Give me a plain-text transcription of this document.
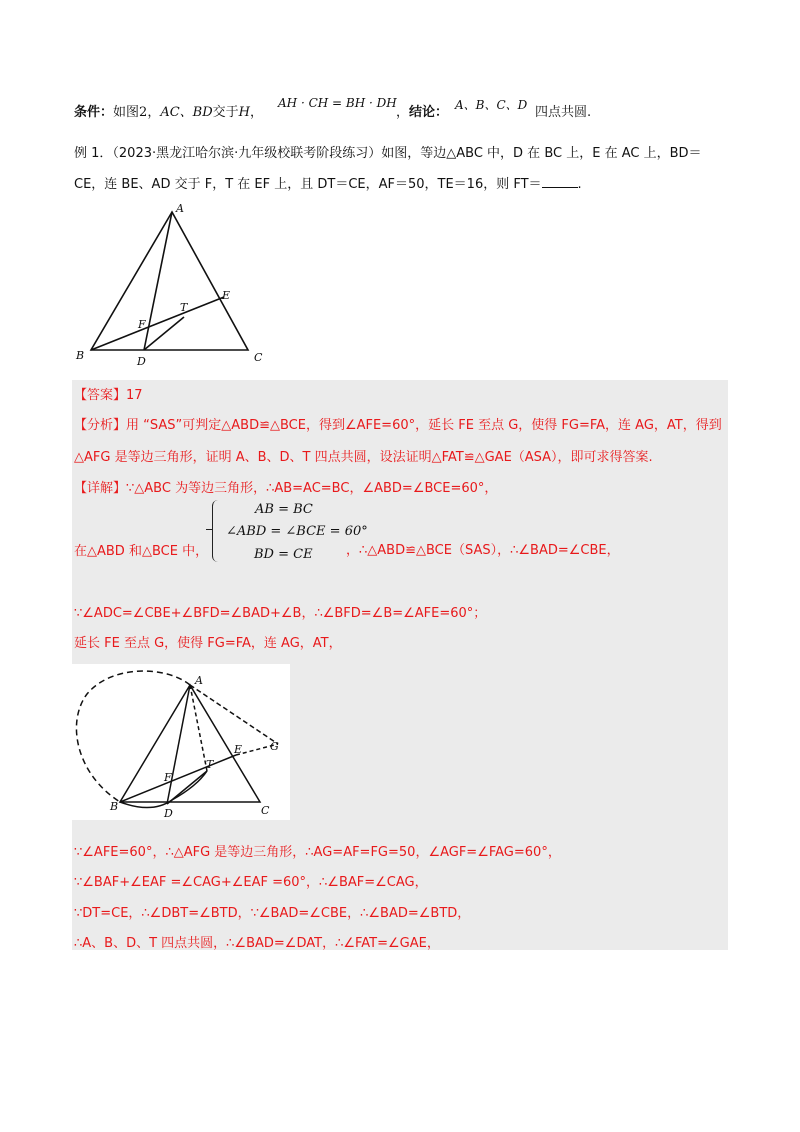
条件：如图2，AC、BD交于H，
AH · CH = BH · DH
，结论： A、B、C、D 四点共圆.
例 1．（2023·黑龙江哈尔滨·九年级校联考阶段练习）如图，等边△ABC 中，D 在 BC 上，E 在 AC 上，BD＝
CE，连 BE、AD 交于 F，T 在 EF 上，且 DT＝CE，AF＝50，TE＝16，则 FT＝	.
A
B	C
D
E
F
T
【答案】17
【分析】用 “SAS”可判定△ABD≌△BCE，得到∠AFE=60°，延长 FE 至点 G，使得 FG=FA，连 AG，AT，得到
△AFG 是等边三角形，证明 A、B、D、T 四点共圆，设法证明△FAT≌△GAE（ASA），即可求得答案.
【详解】∵△ABC 为等边三角形，∴AB=AC=BC，∠ABD=∠BCE=60°，
在△ABD 和△BCE 中，
AB = BC
∠ABD = ∠BCE = 60°
BD = CE	，∴△ABD≌△BCE（SAS），∴∠BAD=∠CBE，
∵∠ADC=∠CBE+∠BFD=∠BAD+∠B，∴∠BFD=∠B=∠AFE=60°；
延长 FE 至点 G，使得 FG=FA，连 AG，AT，
A
B	C
D
E
F
T
G
∵∠AFE=60°，∴△AFG 是等边三角形，∴AG=AF=FG=50，∠AGF=∠FAG=60°，
∵∠BAF+∠EAF =∠CAG+∠EAF =60°，∴∠BAF=∠CAG，
∵DT=CE，∴∠DBT=∠BTD，∵∠BAD=∠CBE，∴∠BAD=∠BTD，
∴A、B、D、T 四点共圆，∴∠BAD=∠DAT，∴∠FAT=∠GAE，
